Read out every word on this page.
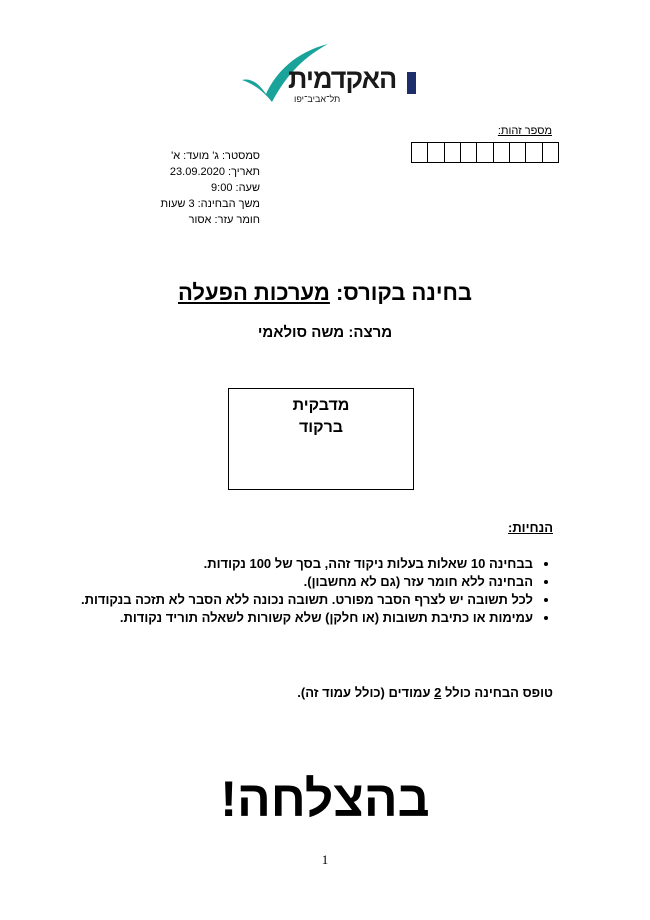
האקדמית
תל־אביב־יפו
מספר זהות:
סמסטר: ג' מועד: א'
תאריך: 23.09.2020
שעה: 9:00
משך הבחינה: 3 שעות
חומר עזר: אסור
בחינה בקורס: מערכות הפעלה
מרצה: משה סולאמי
מדבקית
ברקוד
הנחיות:
• בבחינה 10 שאלות בעלות ניקוד זהה, בסך של 100 נקודות.
• הבחינה ללא חומר עזר (גם לא מחשבון).
• לכל תשובה יש לצרף הסבר מפורט. תשובה נכונה ללא הסבר לא תזכה בנקודות.
• עמימות או כתיבת תשובות (או חלקן) שלא קשורות לשאלה תוריד נקודות.
טופס הבחינה כולל 2 עמודים (כולל עמוד זה).
בהצלחה!
1
